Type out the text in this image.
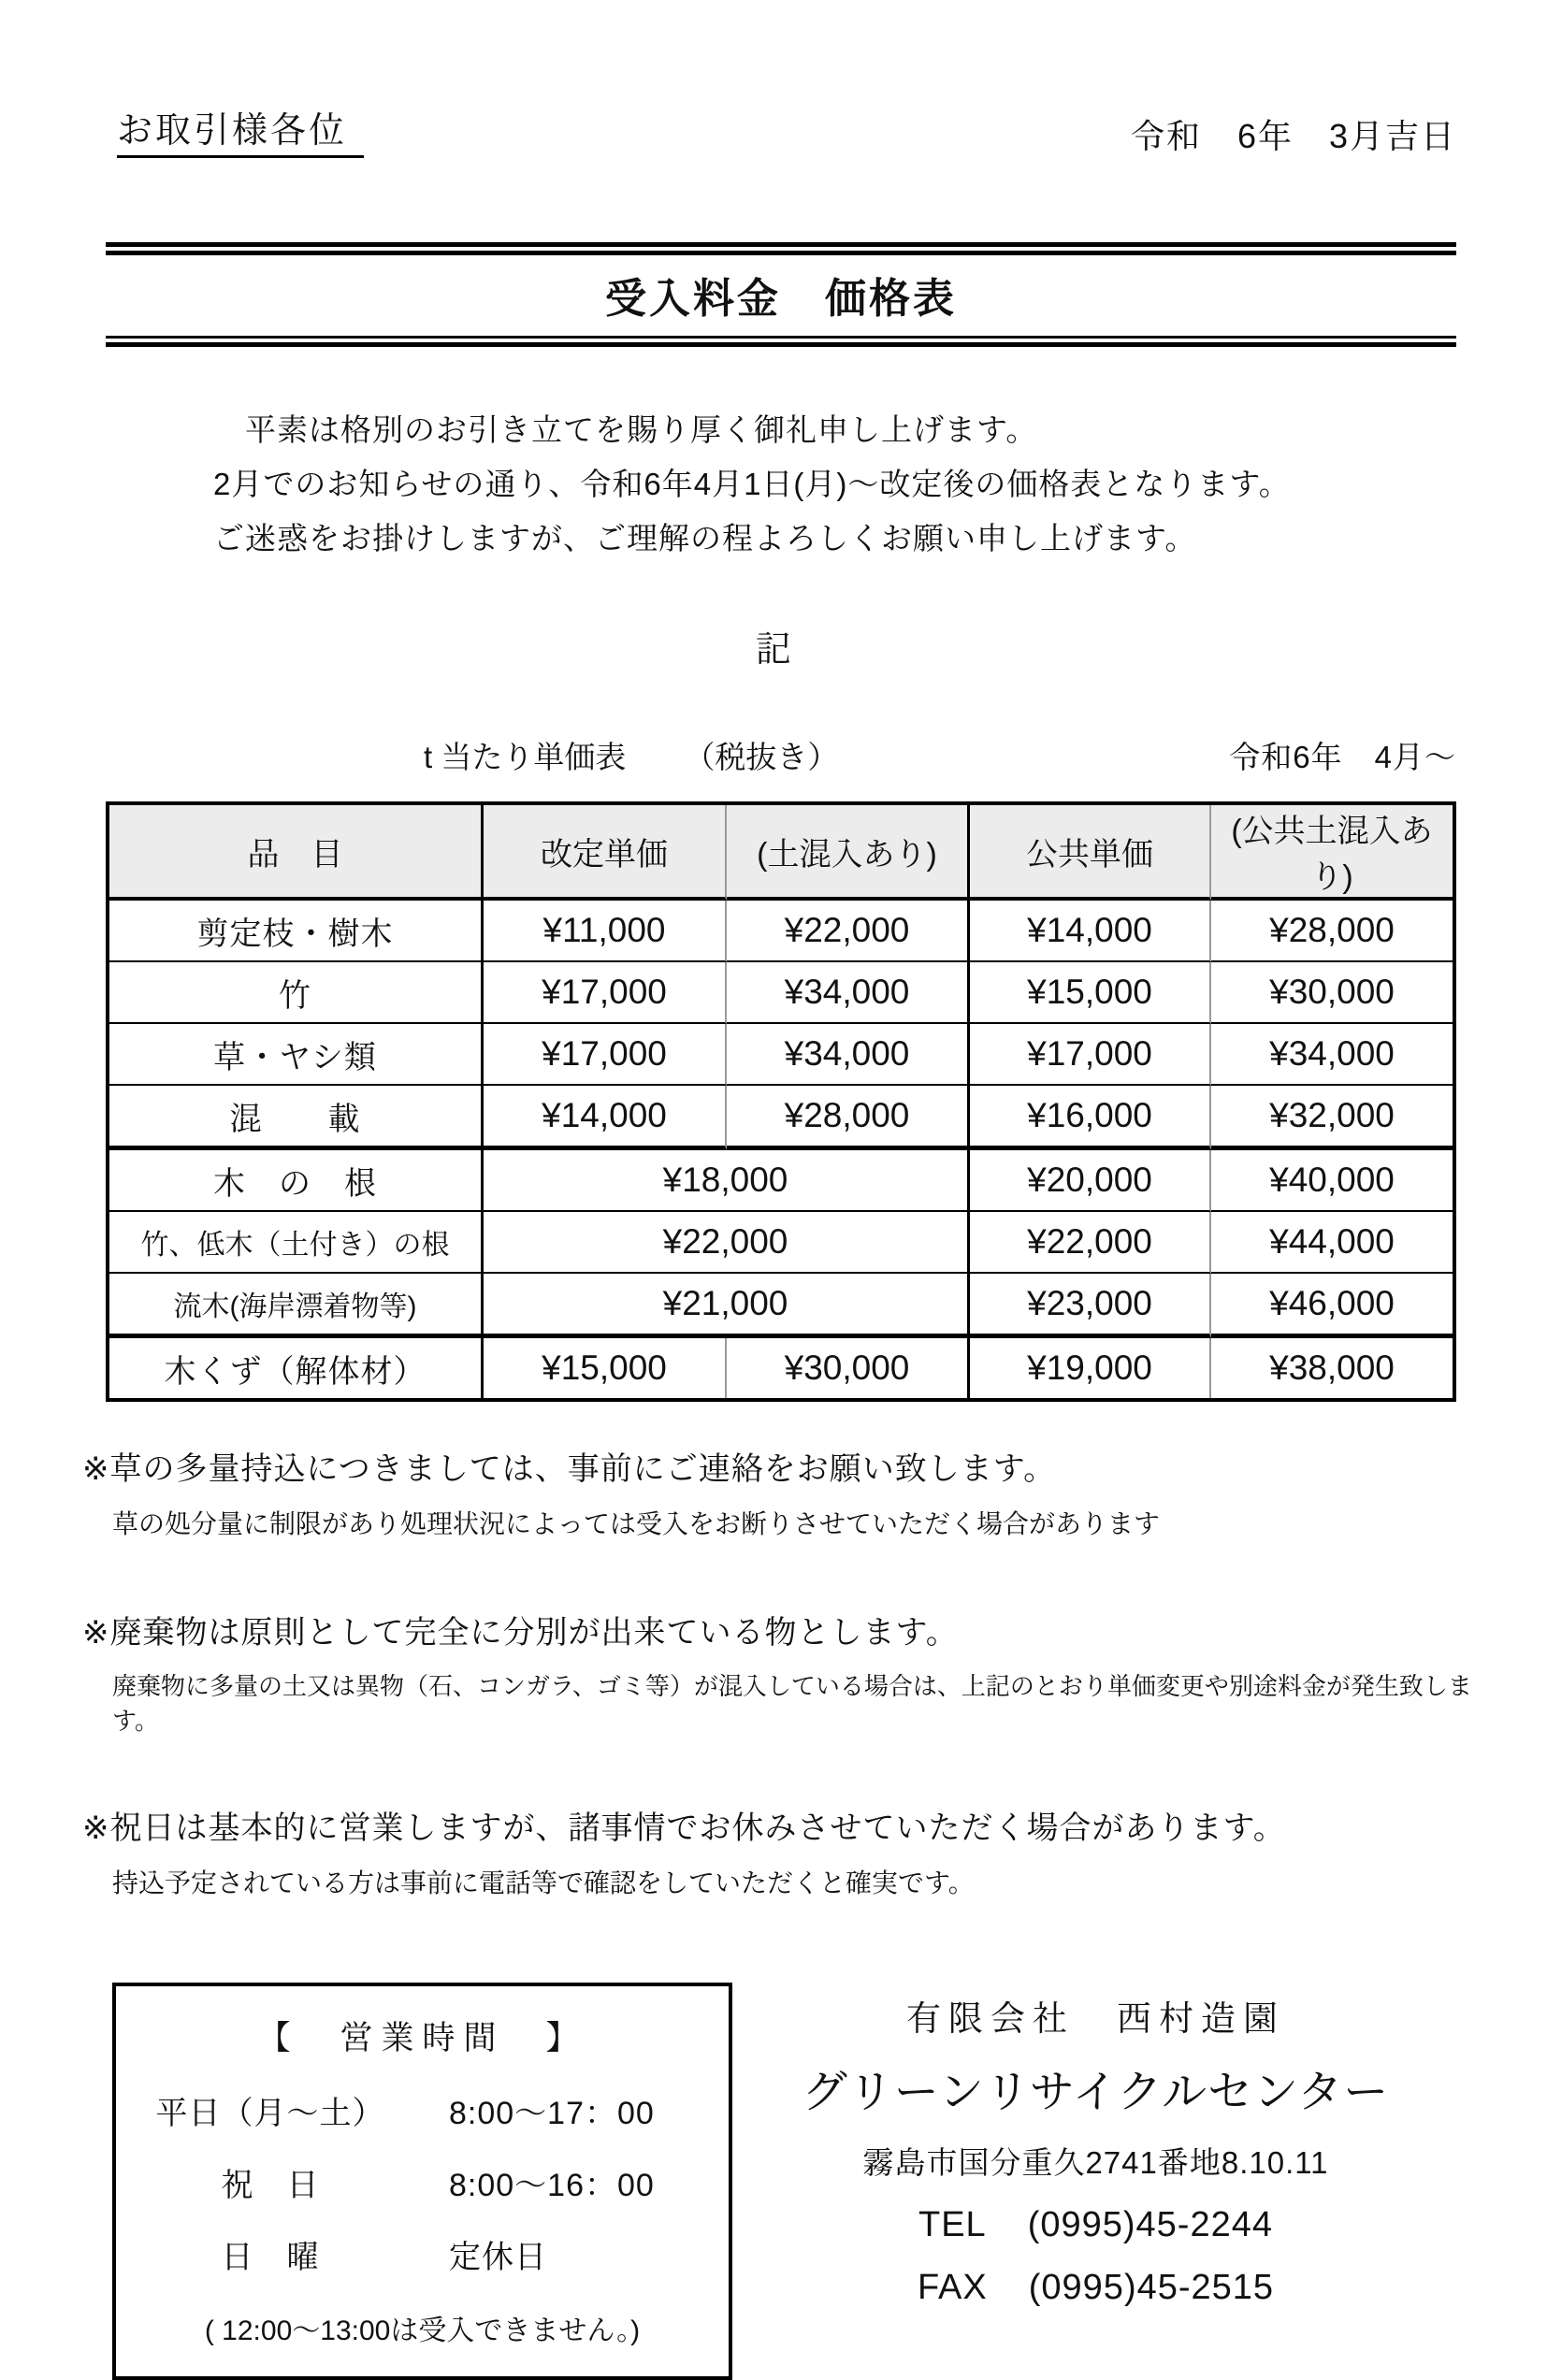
お取引様各位	令和　6年　3月吉日
受入料金　価格表
平素は格別のお引き立てを賜り厚く御礼申し上げます。
2月でのお知らせの通り、令和6年4月1日(月)～改定後の価格表となります。
ご迷惑をお掛けしますが、ご理解の程よろしくお願い申し上げます。
記
t 当たり単価表 （税抜き）	令和6年　4月～
品　目	改定単価	(土混入あり)	公共単価	(公共土混入あり)
剪定枝・樹木	¥11,000	¥22,000	¥14,000	¥28,000
竹	¥17,000	¥34,000	¥15,000	¥30,000
草・ヤシ類	¥17,000	¥34,000	¥17,000	¥34,000
混　　載	¥14,000	¥28,000	¥16,000	¥32,000
木　の　根	¥18,000		¥20,000	¥40,000
竹、低木（土付き）の根	¥22,000		¥22,000	¥44,000
流木(海岸漂着物等)	¥21,000		¥23,000	¥46,000
木くず（解体材）	¥15,000	¥30,000	¥19,000	¥38,000
※草の多量持込につきましては、事前にご連絡をお願い致します。
草の処分量に制限があり処理状況によっては受入をお断りさせていただく場合があります
※廃棄物は原則として完全に分別が出来ている物とします。
廃棄物に多量の土又は異物（石、コンガラ、ゴミ等）が混入している場合は、上記のとおり単価変更や別途料金が発生致します。
※祝日は基本的に営業しますが、諸事情でお休みさせていただく場合があります。
持込予定されている方は事前に電話等で確認をしていただくと確実です。
【　営業時間　】
平日（月～土）	8:00～17：00
祝　日	8:00～16：00
日　曜	定休日
( 12:00～13:00は受入できません。)
有限会社　西村造園
グリーンリサイクルセンター
霧島市国分重久2741番地8.10.11
TEL (0995)45-2244
FAX (0995)45-2515
